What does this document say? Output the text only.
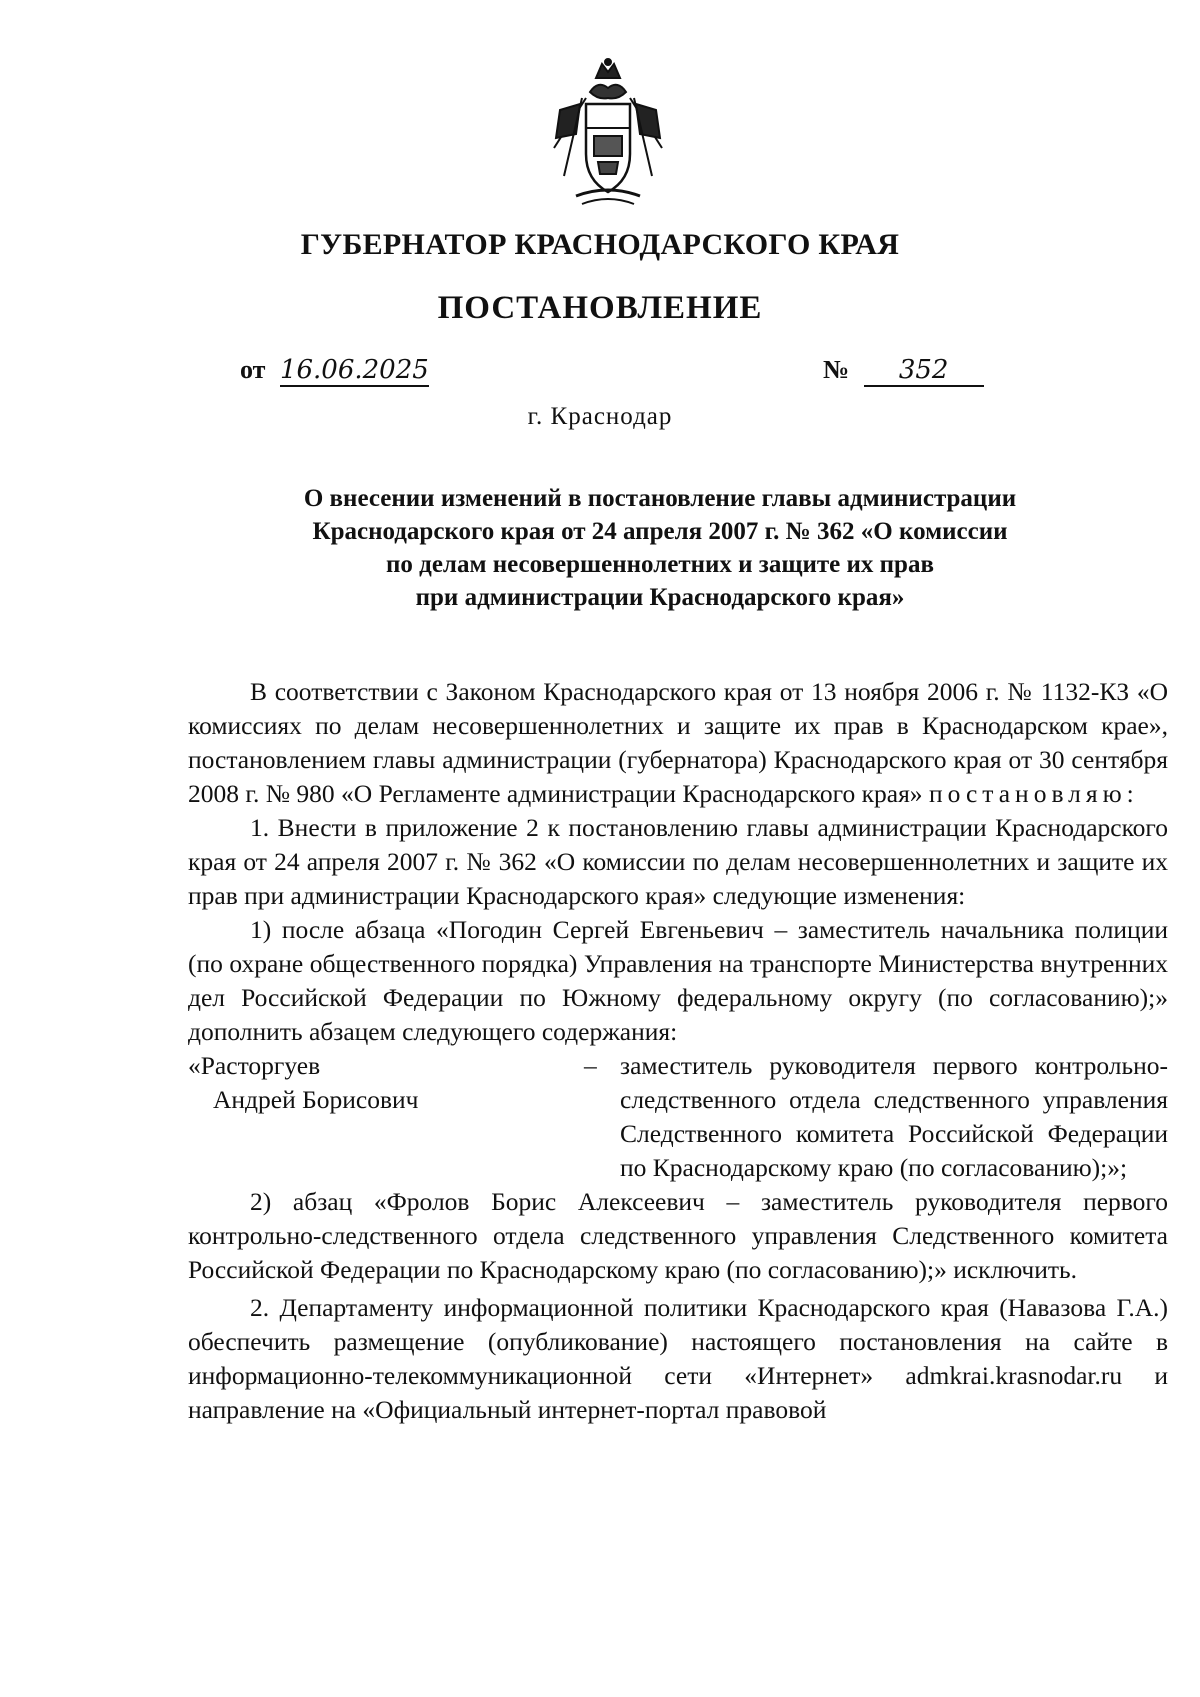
ГУБЕРНАТОР КРАСНОДАРСКОГО КРАЯ
ПОСТАНОВЛЕНИЕ
от 16.06.2025	№ 352
г. Краснодар
О внесении изменений в постановление главы администрации
Краснодарского края от 24 апреля 2007 г. № 362 «О комиссии
по делам несовершеннолетних и защите их прав
при администрации Краснодарского края»

В соответствии с Законом Краснодарского края от 13 ноября 2006 г. № 1132-КЗ «О комиссиях по делам несовершеннолетних и защите их прав в Краснодарском крае», постановлением главы администрации (губернатора) Краснодарского края от 30 сентября 2008 г. № 980 «О Регламенте администрации Краснодарского края» постановляю:

1. Внести в приложение 2 к постановлению главы администрации Краснодарского края от 24 апреля 2007 г. № 362 «О комиссии по делам несовершеннолетних и защите их прав при администрации Краснодарского края» следующие изменения:

1) после абзаца «Погодин Сергей Евгеньевич – заместитель начальника полиции (по охране общественного порядка) Управления на транспорте Министерства внутренних дел Российской Федерации по Южному федеральному округу (по согласованию);» дополнить абзацем следующего содержания:

«Расторгуев
Андрей Борисович
– заместитель руководителя первого контрольно-следственного отдела следственного управления Следственного комитета Российской Федерации по Краснодарскому краю (по согласованию);»;

2) абзац «Фролов Борис Алексеевич – заместитель руководителя первого контрольно-следственного отдела следственного управления Следственного комитета Российской Федерации по Краснодарскому краю (по согласованию);» исключить.

2. Департаменту информационной политики Краснодарского края (Навазова Г.А.) обеспечить размещение (опубликование) настоящего постановления на сайте в информационно-телекоммуникационной сети «Интернет» admkrai.krasnodar.ru и направление на «Официальный интернет-портал правовой
